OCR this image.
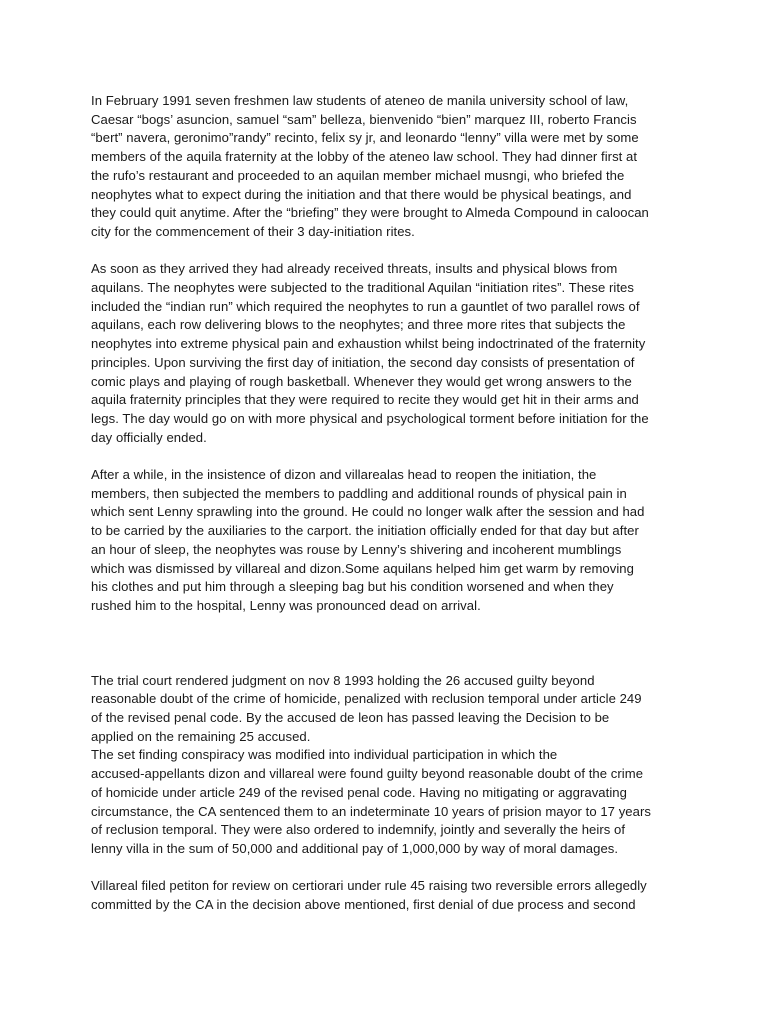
In February 1991 seven freshmen law students of ateneo de manila university school of law,
Caesar “bogs’ asuncion, samuel “sam” belleza, bienvenido “bien” marquez III, roberto Francis
“bert” navera, geronimo”randy” recinto, felix sy jr, and leonardo “lenny” villa were met by some
members of the aquila fraternity at the lobby of the ateneo law school. They had dinner first at
the rufo’s restaurant and proceeded to an aquilan member michael musngi, who briefed the
neophytes what to expect during the initiation and that there would be physical beatings, and
they could quit anytime. After the “briefing” they were brought to Almeda Compound in caloocan
city for the commencement of their 3 day-initiation rites.

As soon as they arrived they had already received threats, insults and physical blows from
aquilans. The neophytes were subjected to the traditional Aquilan “initiation rites”. These rites
included the “indian run” which required the neophytes to run a gauntlet of two parallel rows of
aquilans, each row delivering blows to the neophytes; and three more rites that subjects the
neophytes into extreme physical pain and exhaustion whilst being indoctrinated of the fraternity
principles. Upon surviving the first day of initiation, the second day consists of presentation of
comic plays and playing of rough basketball. Whenever they would get wrong answers to the
aquila fraternity principles that they were required to recite they would get hit in their arms and
legs. The day would go on with more physical and psychological torment before initiation for the
day officially ended.

After a while, in the insistence of dizon and villarealas head to reopen the initiation, the
members, then subjected the members to paddling and additional rounds of physical pain in
which sent Lenny sprawling into the ground. He could no longer walk after the session and had
to be carried by the auxiliaries to the carport. the initiation officially ended for that day but after
an hour of sleep, the neophytes was rouse by Lenny’s shivering and incoherent mumblings
which was dismissed by villareal and dizon.Some aquilans helped him get warm by removing
his clothes and put him through a sleeping bag but his condition worsened and when they
rushed him to the hospital, Lenny was pronounced dead on arrival.

The trial court rendered judgment on nov 8 1993 holding the 26 accused guilty beyond
reasonable doubt of the crime of homicide, penalized with reclusion temporal under article 249
of the revised penal code. By the accused de leon has passed leaving the Decision to be
applied on the remaining 25 accused.
The set finding conspiracy was modified into individual participation in which the
accused-appellants dizon and villareal were found guilty beyond reasonable doubt of the crime
of homicide under article 249 of the revised penal code. Having no mitigating or aggravating
circumstance, the CA sentenced them to an indeterminate 10 years of prision mayor to 17 years
of reclusion temporal. They were also ordered to indemnify, jointly and severally the heirs of
lenny villa in the sum of 50,000 and additional pay of 1,000,000 by way of moral damages.

Villareal filed petiton for review on certiorari under rule 45 raising two reversible errors allegedly
committed by the CA in the decision above mentioned, first denial of due process and second
